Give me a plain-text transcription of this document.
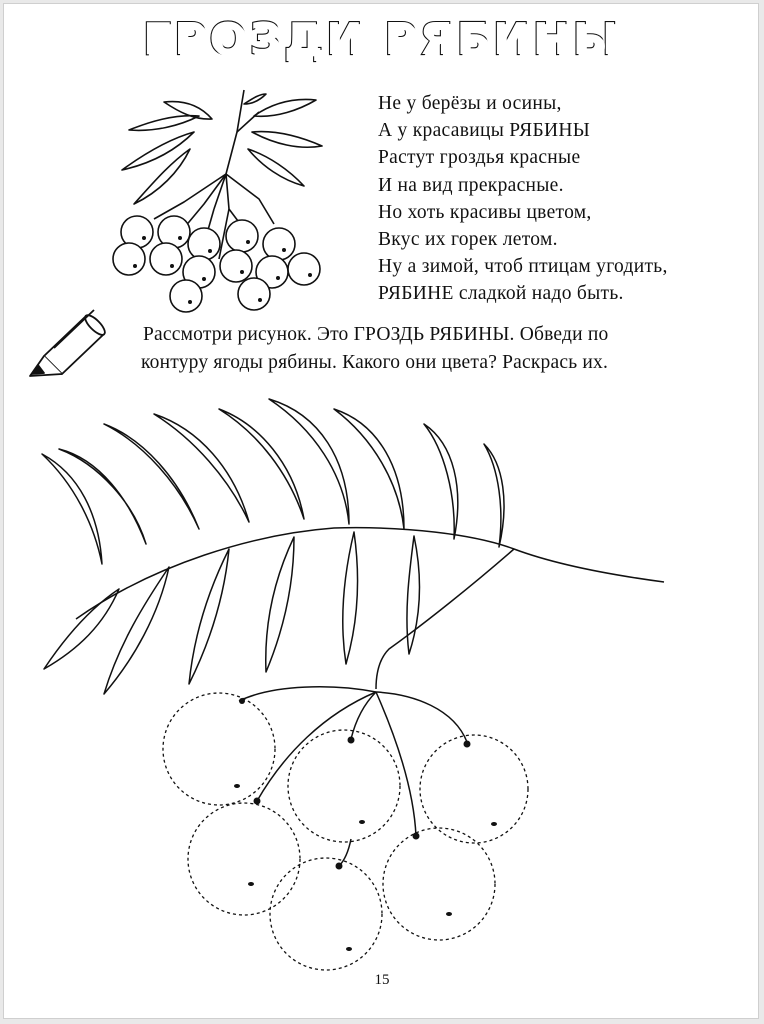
ГРОЗДИ РЯБИНЫ
Не у берёзы и осины,
А у красавицы РЯБИНЫ
Растут гроздья красные
И на вид прекрасные.
Но хоть красивы цветом,
Вкус их горек летом.
Ну а зимой, чтоб птицам угодить,
РЯБИНЕ сладкой надо быть.
Рассмотри рисунок. Это ГРОЗДЬ РЯБИНЫ. Обведи по
контуру ягоды рябины. Какого они цвета? Раскрась их.
15
